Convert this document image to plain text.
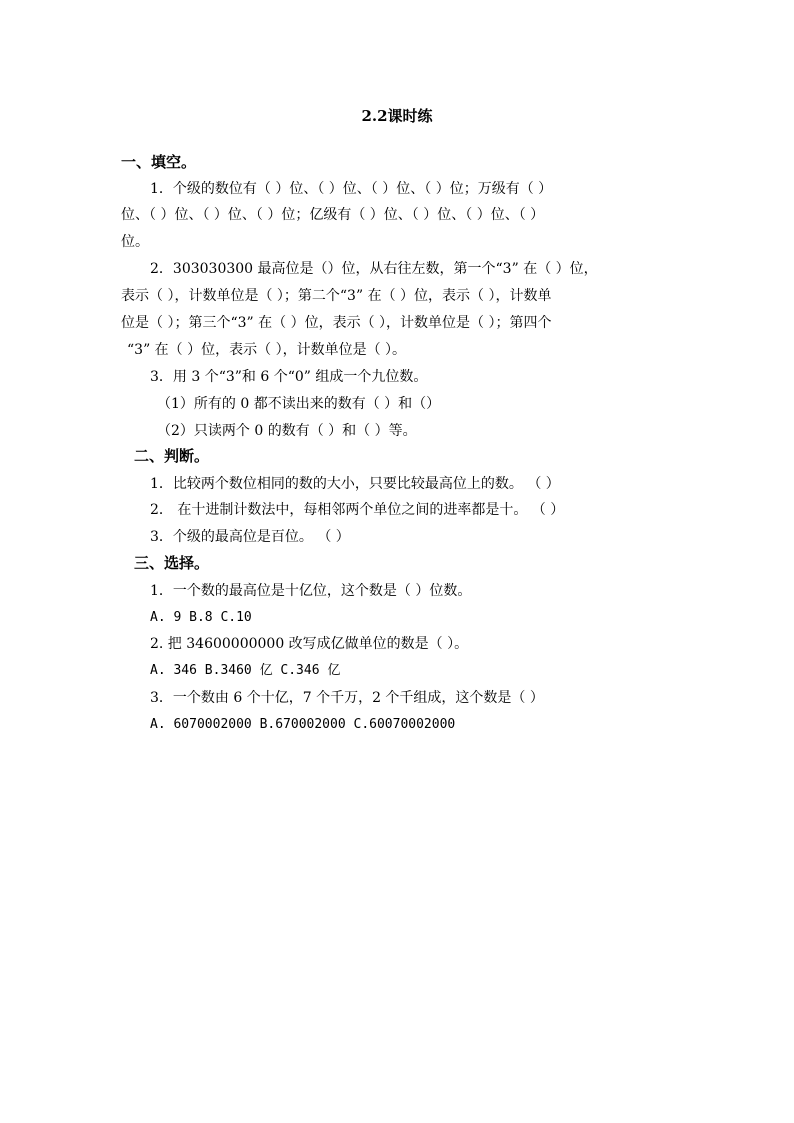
2.2课时练
一、填空。
1．个级的数位有（ ）位、（ ）位、（ ）位、（ ）位；万级有（ ）
位、（ ）位、（ ）位、（ ）位；亿级有（ ）位、（ ）位、（ ）位、（ ）
位。
2．303030300 最高位是（）位，从右往左数，第一个“3” 在（ ）位，
表示（ ），计数单位是（ ）；第二个“3” 在（ ）位，表示（ ），计数单
位是（ ）；第三个“3” 在（ ）位，表示（ ），计数单位是（ ）；第四个
“3” 在（ ）位，表示（ ），计数单位是（ ）。
3．用 3 个“3”和 6 个“0” 组成一个九位数。
（1）所有的 0 都不读出来的数有（ ）和（）
（2）只读两个 0 的数有（ ）和（ ）等。
二、判断。
1．比较两个数位相同的数的大小，只要比较最高位上的数。 （ ）
2． 在十进制计数法中，每相邻两个单位之间的进率都是十。 （ ）
3．个级的最高位是百位。 （ ）
三、选择。
1．一个数的最高位是十亿位，这个数是（ ）位数。
A. 9 B.8 C.10
2. 把 34600000000 改写成亿做单位的数是（ ）。
A. 346 B.3460 亿 C.346 亿
3．一个数由 6 个十亿，7 个千万，2 个千组成，这个数是（ ）
A. 6070002000 B.670002000 C.60070002000
